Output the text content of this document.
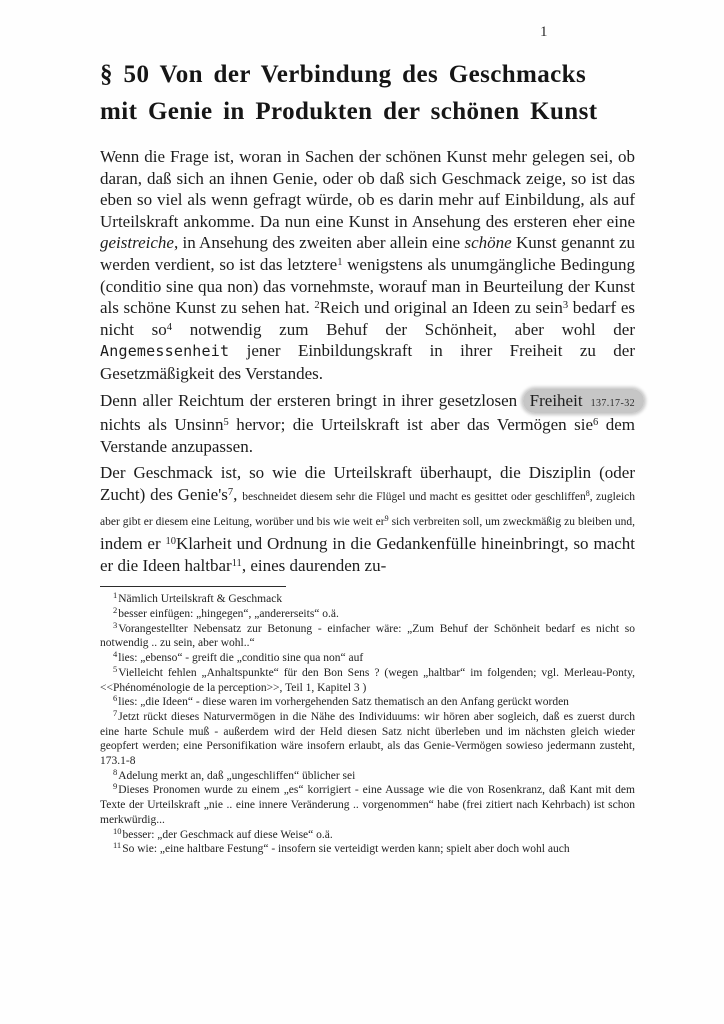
1
§ 50 Von der Verbindung des Geschmacks
mit Genie in Produkten der schönen Kunst

Wenn die Frage ist, woran in Sachen der schönen Kunst mehr gelegen sei, ob daran, daß sich an ihnen Genie, oder ob daß sich Geschmack zeige, so ist das eben so viel als wenn gefragt würde, ob es darin mehr auf Einbildung, als auf Urteilskraft ankomme. Da nun eine Kunst in Ansehung des ersteren eher eine geistreiche, in Ansehung des zweiten aber allein eine schöne Kunst genannt zu werden verdient, so ist das letztere$^1$ wenigstens als unumgängliche Bedingung (conditio sine qua non) das vornehmste, worauf man in Beurteilung der Kunst als schöne Kunst zu sehen hat. $^2$Reich und original an Ideen zu sein$^3$ bedarf es nicht $so^4$ notwendig zum Behuf der Schönheit, aber wohl der Angemessenheit jener Einbildungskraft in ihrer Freiheit zu der Gesetzmäßigkeit des Verstandes.

Denn aller Reichtum der ersteren bringt in ihrer gesetzlosen Freiheit 137.17-32 nichts als Unsinn$^5$ hervor; die Urteilskraft ist aber das Vermögen sie$^6$ dem Verstande anzupassen.

Der Geschmack ist, so wie die Urteilskraft überhaupt, die Disziplin (oder Zucht) des $Genie's^7$, beschneidet diesem sehr die Flügel und macht es gesittet oder geschliffen$^8$, zugleich aber gibt er diesem eine Leitung, worüber und bis wie weit $er^9$ sich verbreiten soll, um zweckmäßig zu bleiben und, indem er $^{10}$Klarheit und Ordnung in die Gedankenfülle hineinbringt, so macht er die Ideen haltbar$^{11}$, eines daurenden zu-

$^1$Nämlich Urteilskraft & Geschmack
$^2$besser einfügen: „hingegen“, „andererseits“ o.ä.
$^3$Vorangestellter Nebensatz zur Betonung - einfacher wäre: „Zum Behuf der Schönheit bedarf es nicht so notwendig .. zu sein, aber wohl..“
$^4$lies: „ebenso“ - greift die „conditio sine qua non“ auf
$^5$Vielleicht fehlen „Anhaltspunkte“ für den Bon Sens ? (wegen „haltbar“ im folgenden; vgl. Merleau-Ponty, <<Phénoménologie de la perception>>, Teil 1, Kapitel 3 )
$^6$lies: „die Ideen“ - diese waren im vorhergehenden Satz thematisch an den Anfang gerückt worden
$^7$Jetzt rückt dieses Naturvermögen in die Nähe des Individuums: wir hören aber sogleich, daß es zuerst durch eine harte Schule muß - außerdem wird der Held diesen Satz nicht überleben und im nächsten gleich wieder geopfert werden; eine Personifikation wäre insofern erlaubt, als das Genie-Vermögen sowieso jedermann zusteht, 173.1-8
$^8$Adelung merkt an, daß „ungeschliffen“ üblicher sei
$^9$Dieses Pronomen wurde zu einem „es“ korrigiert - eine Aussage wie die von Rosenkranz, daß Kant mit dem Texte der Urteilskraft „nie .. eine innere Veränderung .. vorgenommen“ habe (frei zitiert nach Kehrbach) ist schon merkwürdig...
$^{10}$besser: „der Geschmack auf diese Weise“ o.ä.
$^{11}$So wie: „eine haltbare Festung“ - insofern sie verteidigt werden kann; spielt aber doch wohl auch
